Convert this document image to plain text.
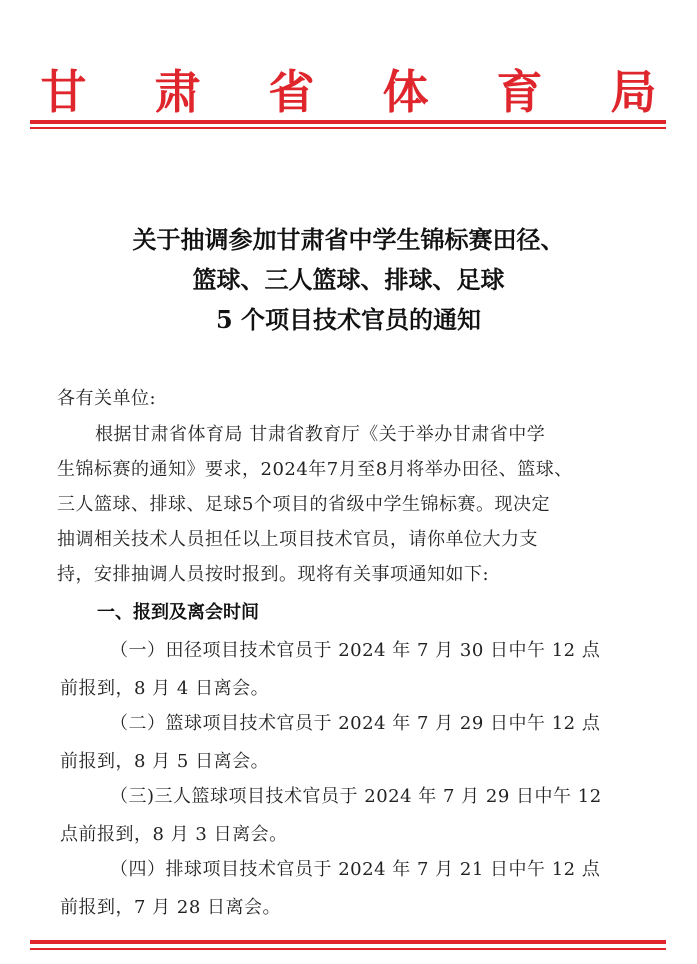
甘 肃 省 体 育 局
关于抽调参加甘肃省中学生锦标赛田径、
篮球、三人篮球、排球、足球
5 个项目技术官员的通知
各有关单位:
根据甘肃省体育局 甘肃省教育厅《关于举办甘肃省中学
生锦标赛的通知》要求，2024年7月至8月将举办田径、篮球、
三人篮球、排球、足球5个项目的省级中学生锦标赛。现决定
抽调相关技术人员担任以上项目技术官员，请你单位大力支
持，安排抽调人员按时报到。现将有关事项通知如下:
一、报到及离会时间
（一）田径项目技术官员于 2024 年 7 月 30 日中午 12 点
前报到，8 月 4 日离会。
（二）篮球项目技术官员于 2024 年 7 月 29 日中午 12 点
前报到，8 月 5 日离会。
（三)三人篮球项目技术官员于 2024 年 7 月 29 日中午 12
点前报到，8 月 3 日离会。
（四）排球项目技术官员于 2024 年 7 月 21 日中午 12 点
前报到，7 月 28 日离会。
